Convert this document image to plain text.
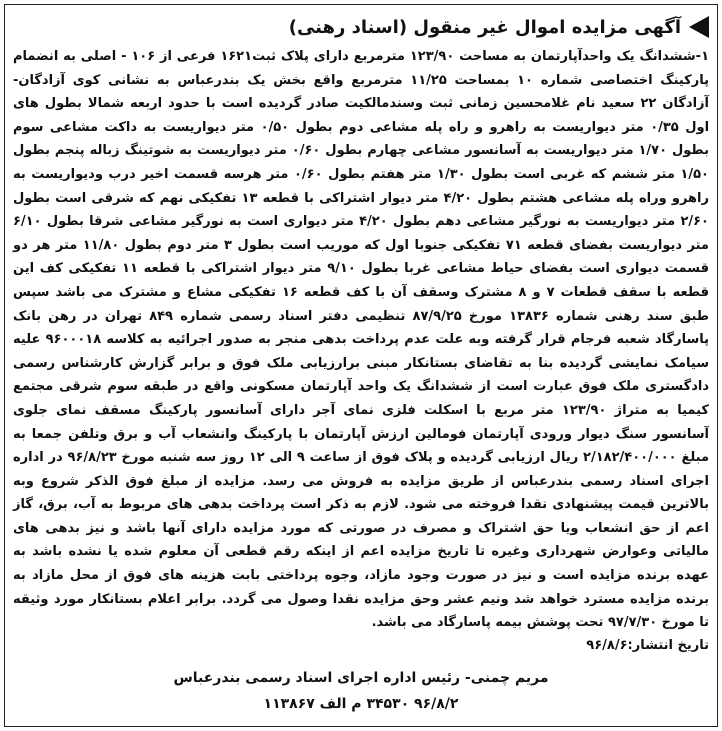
آگهی مزایده اموال غیر منقول (اسناد رهنی)

۱-ششدانگ یک واحدآپارتمان به مساحت ۱۲۳/۹۰ مترمربع دارای پلاک ثبت۱۶۲۱ فرعی از ۱۰۶ - اصلی به انضمام پارکینگ اختصاصی شماره ۱۰ بمساحت ۱۱/۲۵ مترمربع واقع بخش یک بندرعباس به نشانی کوی آزادگان-آزادگان ۲۲ سعید نام غلامحسین زمانی ثبت وسندمالکیت صادر گردیده است با حدود اربعه شمالا بطول های اول ۰/۳۵ متر دیواریست به راهرو و راه پله مشاعی دوم بطول ۰/۵۰ متر دیواریست به داکت مشاعی سوم بطول ۱/۷۰ متر دیواریست به آسانسور مشاعی چهارم بطول ۰/۶۰ متر دیواریست به شوتینگ زباله پنجم بطول ۱/۵۰ متر ششم که غربی است بطول ۱/۳۰ متر هفتم بطول ۰/۶۰ متر هرسه قسمت اخیر درب ودیواریست به راهرو وراه پله مشاعی هشتم بطول ۴/۲۰ متر دیوار اشتراکی با قطعه ۱۳ تفکیکی نهم که شرقی است بطول ۲/۶۰ متر دیواریست به نورگیر مشاعی دهم بطول ۴/۲۰ متر دیواری است به نورگیر مشاعی شرقا بطول ۶/۱۰ متر دیواریست بفضای قطعه ۷۱ تفکیکی جنوبا اول که موریب است بطول ۳ متر دوم بطول ۱۱/۸۰ متر هر دو قسمت دیواری است بفضای حیاط مشاعی غربا بطول ۹/۱۰ متر دیوار اشتراکی با قطعه ۱۱ تفکیکی کف این قطعه با سقف قطعات ۷ و ۸ مشترک وسقف آن با کف قطعه ۱۶ تفکیکی مشاع و مشترک می باشد سپس طبق سند رهنی شماره ۱۳۸۳۶ مورخ ۸۷/۹/۲۵ تنظیمی دفتر اسناد رسمی شماره ۸۴۹ تهران در رهن بانک پاسارگاد شعبه فرجام قرار گرفته وبه علت عدم پرداخت بدهی منجر به صدور اجرائیه به کلاسه ۹۶۰۰۰۱۸ علیه سیامک نمایشی گردیده بنا به تقاضای بستانکار مبنی برارزیابی ملک فوق و برابر گزارش کارشناس رسمی دادگستری ملک فوق عبارت است از ششدانگ یک واحد آپارتمان مسکونی واقع در طبقه سوم شرقی مجتمع کیمیا به متراژ ۱۲۳/۹۰ متر مربع با اسکلت فلزی نمای آجر دارای آسانسور پارکینگ مسقف نمای جلوی آسانسور سنگ دیوار ورودی آپارتمان فومالین ارزش آپارتمان با پارکینگ وانشعاب آب و برق وتلفن جمعا به مبلغ ۲/۱۸۲/۴۰۰/۰۰۰ ریال ارزیابی گردیده و پلاک فوق از ساعت ۹ الی ۱۲ روز سه شنبه مورخ ۹۶/۸/۲۳ در اداره اجرای اسناد رسمی بندرعباس از طریق مزایده به فروش می رسد. مزایده از مبلغ فوق الذکر شروع وبه بالاترین قیمت پیشنهادی نقدا فروخته می شود. لازم به ذکر است پرداخت بدهی های مربوط به آب، برق، گاز اعم از حق انشعاب ویا حق اشتراک و مصرف در صورتی که مورد مزایده دارای آنها باشد و نیز بدهی های مالیاتی وعوارض شهرداری وغیره تا تاریخ مزایده اعم از اینکه رقم قطعی آن معلوم شده یا نشده باشد به عهده برنده مزایده است و نیز در صورت وجود مازاد، وجوه پرداختی بابت هزینه های فوق از محل مازاد به برنده مزایده مسترد خواهد شد ونیم عشر وحق مزایده نقدا وصول می گردد. برابر اعلام بستانکار مورد وثیقه تا مورخ ۹۷/۷/۳۰ تحت پوشش بیمه پاسارگاد می باشد.

تاریخ انتشار:۹۶/۸/۶
مریم چمنی- رئیس اداره اجرای اسناد رسمی بندرعباس
۹۶/۸/۲ ۳۴۵۳۰ م الف ۱۱۳۸۶۷
